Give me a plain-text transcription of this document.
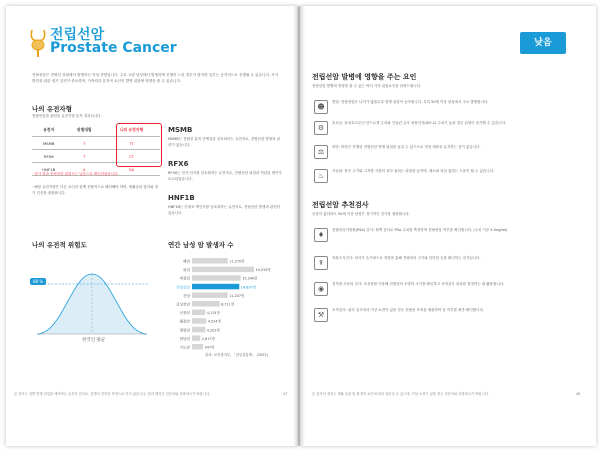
전립선암
Prostate Cancer
전립선암은 전립선 상피에서 발생하는 악성 종양입니다. 주로 고령 남성에서 발생하며 진행이 느린 경우가 많지만 일부는 공격적으로 진행될 수 있습니다. 조기 발견을 위한 정기 검진이 중요하며, 가족력과 유전적 요인이 발병 위험에 영향을 줄 수 있습니다.
나의 유전자형
전립선암과 관련된 유전자형 분석 결과입니다.
유전자	위험대립	나의 유전자형
MSMB	T	TT
RFX6	T	CT
HNF1B	A	GA
· 검사 결과 전립선암 위험도는 낮음으로 확인되었습니다.
· 해당 유전자형은 다른 요인과 함께 종합적으로 해석해야 하며, 생활습관 관리와 정기 검진을 권장합니다.
MSMB
MSMB는 전립선 분비 단백질을 암호화하는 유전자로, 전립선암 발생과 관련이 있습니다.
RFX6
RFX6는 전사 인자를 암호화하는 유전자로, 전립선암 위험과 연관된 변이가 보고되었습니다.
HNF1B
HNF1B는 간세포 핵인자를 암호화하는 유전자로, 전립선암 발생과 관련이 있습니다.
나의 유전적 위험도
88 %
한국인 평균
연간 남성 암 발생자 수
폐암	11,270명
위암	19,533명
대장암	15,340명
전립선암	14,897명
간암	11,207명
갑상선암	8,711명
신장암	4,174명
췌장암	4,524명
방광암	4,202명
담낭암	2,617명
식도암	347명
출처: 보건복지부, 「암등록통계」 (2022)
본 검사는 질병 발생 위험을 예측하는 유전자 검사로, 질병의 진단을 목적으로 하지 않습니다. 결과 해석은 전문의와 상담하시기 바랍니다.	47
낮음
전립선암 발병에 영향을 주는 요인
전립선암 발병에 영향을 줄 수 있는 여러 가지 위험요인을 알려드립니다.
☻
연령: 전립선암은 나이가 많을수록 발생 위험이 높아집니다. 특히 50세 이상 남성에서 주로 발생합니다.
⚙
호르몬: 남성호르몬인 안드로겐 수치와 인슐린 유사 성장인자(IGF-1) 수치가 높을 경우 위험이 증가할 수 있습니다.
⚖
비만: 비만은 진행된 전립선암 발생 위험을 높일 수 있으므로 적정 체중을 유지하는 것이 좋습니다.
♨
식습관: 붉은 고기와 고지방 식품의 과다 섭취는 위험을 높이며, 채소와 과일 섭취는 도움이 될 수 있습니다.
전립선암 추천검사
증상이 없더라도 50세 이상 남성은 정기적인 검사를 권장합니다.
♦
전립선특이항원(PSA) 검사: 혈액 검사로 PSA 수치를 측정하여 전립선암 여부를 확인합니다. (수치 기준 4.0ng/ml)
☤
직장수지검사: 의사가 손가락으로 직장을 통해 전립선의 크기와 단단함 등을 확인하는 검사입니다.
◉
경직장 초음파 검사: 초음파를 이용해 전립선의 모양과 크기를 확인하고 조직검사 위치를 결정하는 데 활용합니다.
⚒
조직검사: 위의 검사에서 이상 소견이 있을 경우 전립선 조직을 채취하여 암 여부를 최종 확인합니다.
본 검사의 결과는 생활 습관 및 환경적 요인에 따라 달라질 수 있으며, 이상 소견이 있을 경우 전문의와 상담하시기 바랍니다.	48
